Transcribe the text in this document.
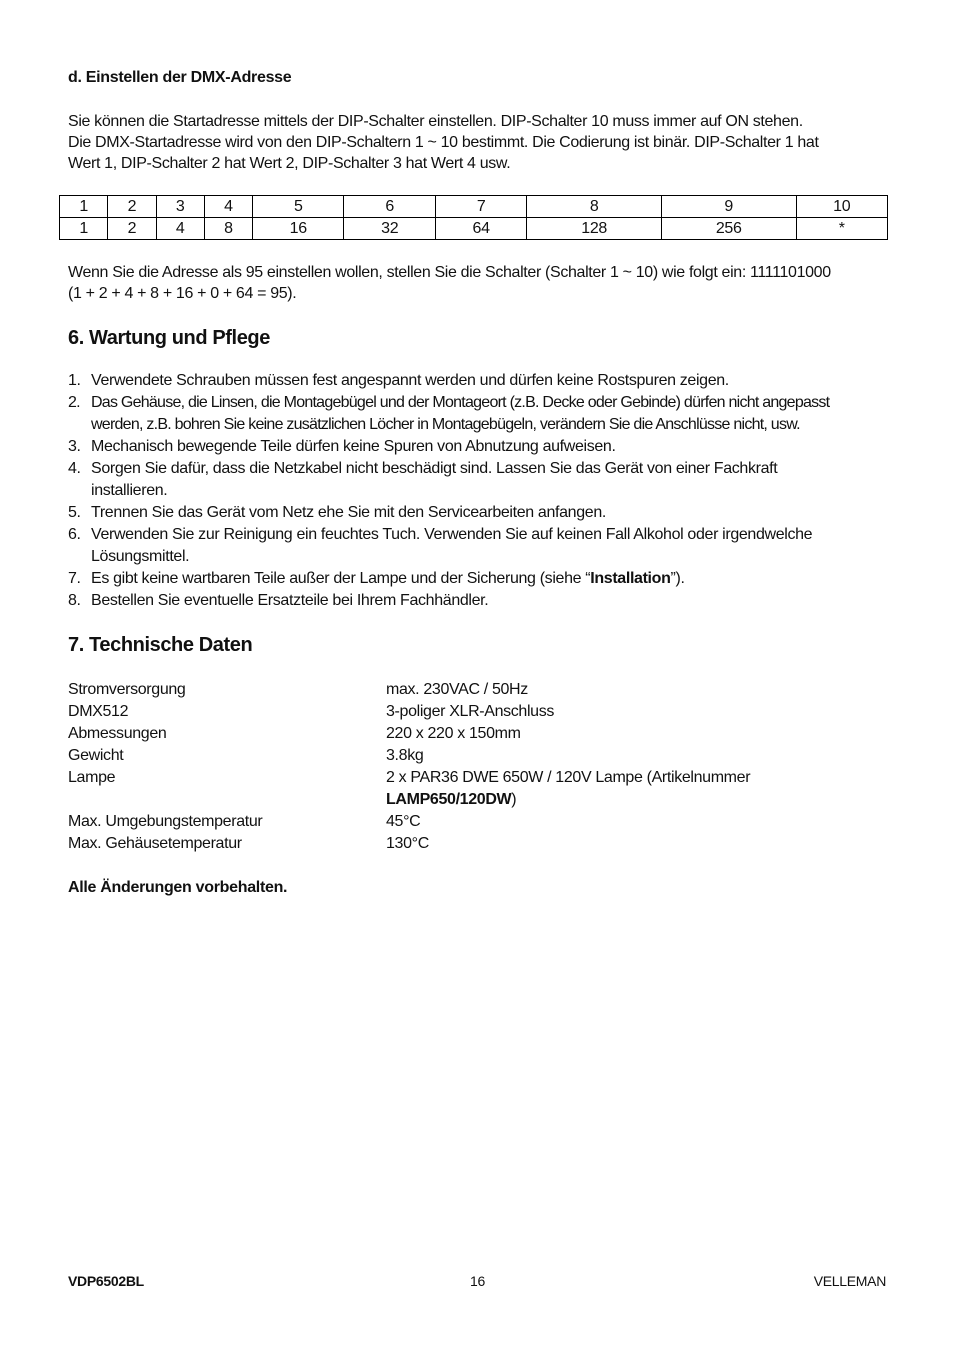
d. Einstellen der DMX-Adresse
Sie können die Startadresse mittels der DIP-Schalter einstellen. DIP-Schalter 10 muss immer auf ON stehen.
Die DMX-Startadresse wird von den DIP-Schaltern 1 ~ 10 bestimmt. Die Codierung ist binär. DIP-Schalter 1 hat
Wert 1, DIP-Schalter 2 hat Wert 2, DIP-Schalter 3 hat Wert 4 usw.
1	2	3	4	5	6	7	8	9	10
1	2	4	8	16	32	64	128	256	*
Wenn Sie die Adresse als 95 einstellen wollen, stellen Sie die Schalter (Schalter 1 ~ 10) wie folgt ein: 1111101000
(1 + 2 + 4 + 8 + 16 + 0 + 64 = 95).
6. Wartung und Pflege
1. Verwendete Schrauben müssen fest angespannt werden und dürfen keine Rostspuren zeigen.
2. Das Gehäuse, die Linsen, die Montagebügel und der Montageort (z.B. Decke oder Gebinde) dürfen nicht angepasst
werden, z.B. bohren Sie keine zusätzlichen Löcher in Montagebügeln, verändern Sie die Anschlüsse nicht, usw.
3. Mechanisch bewegende Teile dürfen keine Spuren von Abnutzung aufweisen.
4. Sorgen Sie dafür, dass die Netzkabel nicht beschädigt sind. Lassen Sie das Gerät von einer Fachkraft
installieren.
5. Trennen Sie das Gerät vom Netz ehe Sie mit den Servicearbeiten anfangen.
6. Verwenden Sie zur Reinigung ein feuchtes Tuch. Verwenden Sie auf keinen Fall Alkohol oder irgendwelche
Lösungsmittel.
7. Es gibt keine wartbaren Teile außer der Lampe und der Sicherung (siehe “Installation”).
8. Bestellen Sie eventuelle Ersatzteile bei Ihrem Fachhändler.
7. Technische Daten
Stromversorgung	max. 230VAC / 50Hz
DMX512	3-poliger XLR-Anschluss
Abmessungen	220 x 220 x 150mm
Gewicht	3.8kg
Lampe	2 x PAR36 DWE 650W / 120V Lampe (Artikelnummer
LAMP650/120DW)
Max. Umgebungstemperatur	45°C
Max. Gehäusetemperatur	130°C
Alle Änderungen vorbehalten.
VDP6502BL	16	VELLEMAN
